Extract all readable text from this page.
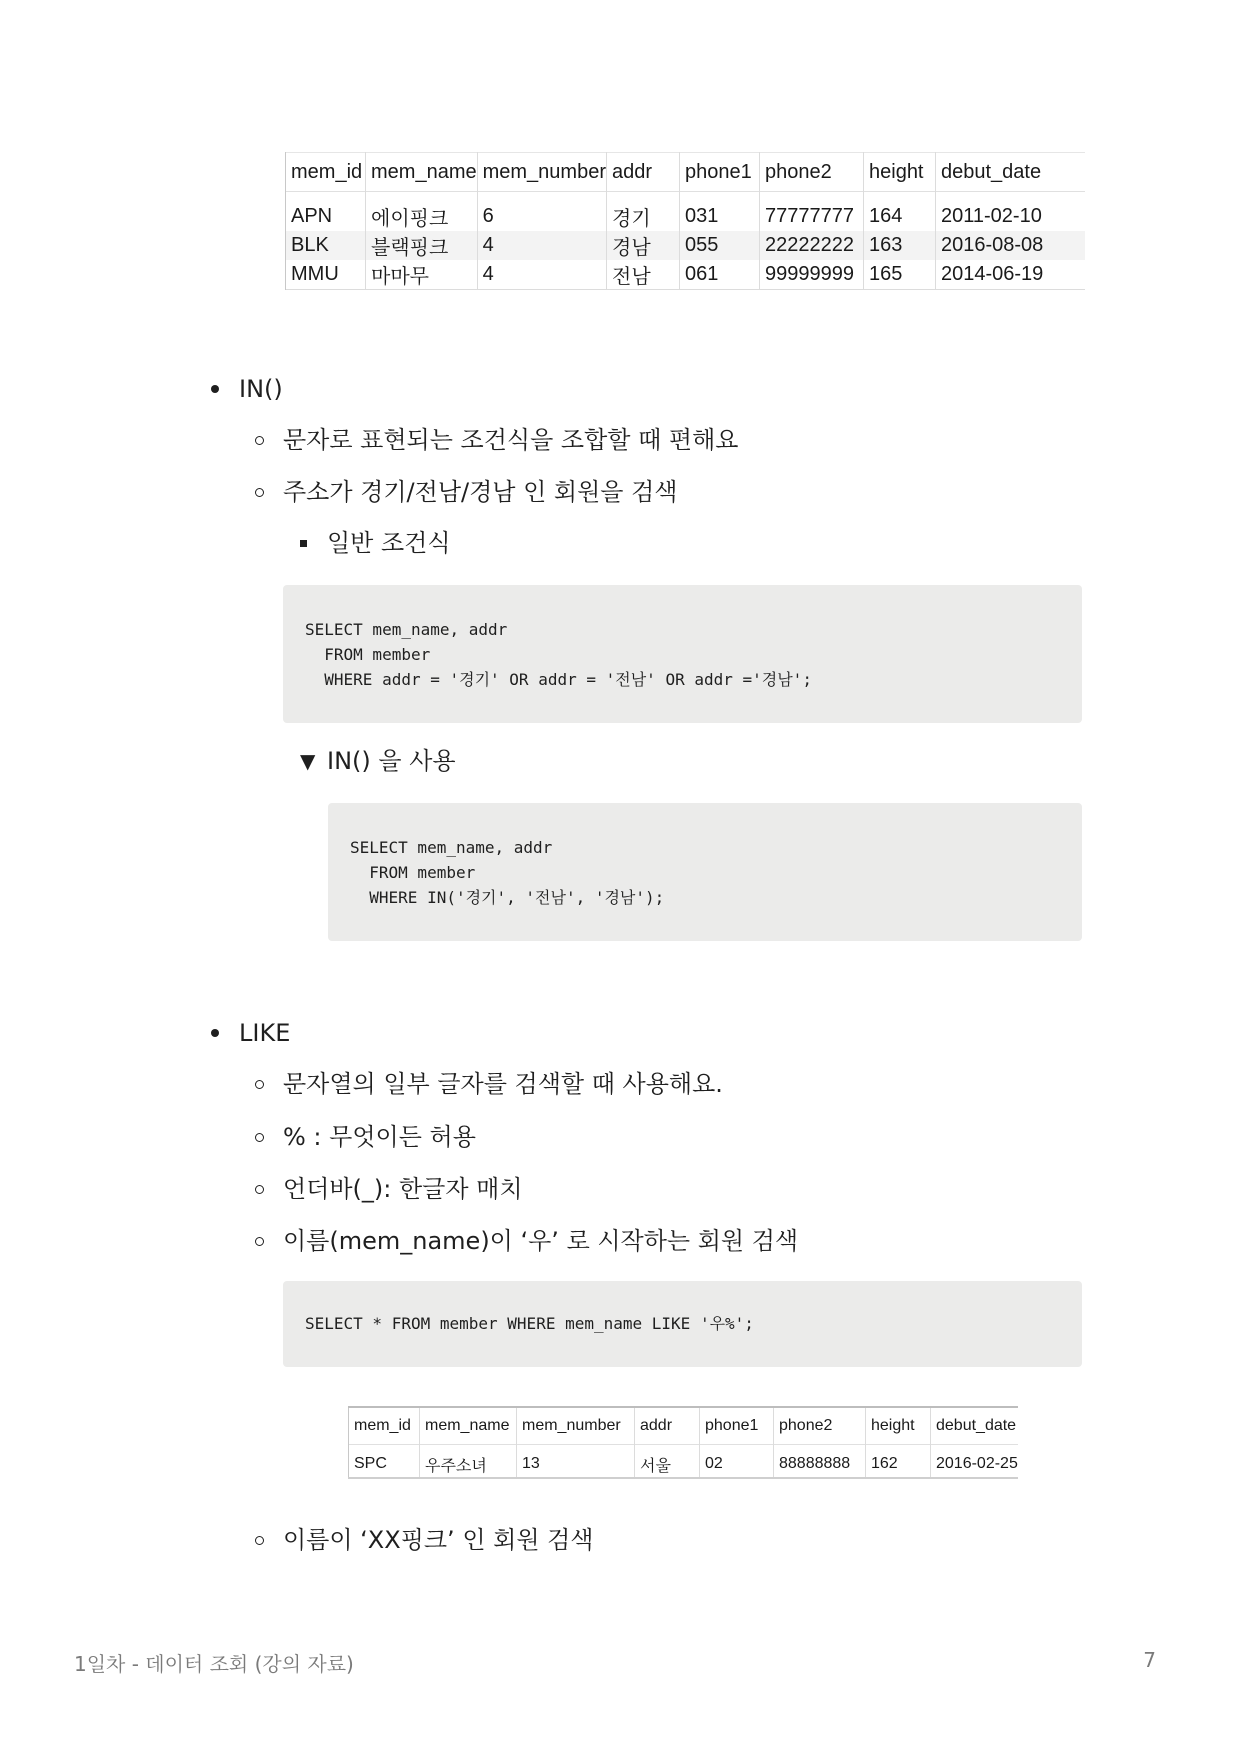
mem_id	mem_name	mem_number	addr	phone1	phone2	height	debut_date

APN	에이핑크	6	경기	031	77777777	164	2011-02-10
BLK	블랙핑크	4	경남	055	22222222	163	2016-08-08
MMU	마마무	4	전남	061	99999999	165	2014-06-19
IN()
문자로 표현되는 조건식을 조합할 때 편해요
주소가 경기/전남/경남 인 회원을 검색
일반 조건식
SELECT mem_name, addr
FROM member
WHERE addr = '경기' OR addr = '전남' OR addr ='경남';
▼ IN() 을 사용
SELECT mem_name, addr
FROM member
WHERE IN('경기', '전남', '경남');
LIKE
문자열의 일부 글자를 검색할 때 사용해요.
% : 무엇이든 허용
언더바(_): 한글자 매치
이름(mem_name)이 ‘우’ 로 시작하는 회원 검색
SELECT * FROM member WHERE mem_name LIKE '우%';
mem_id	mem_name	mem_number	addr	phone1	phone2	height	debut_date

SPC	우주소녀	13	서울	02	88888888	162	2016-02-25
이름이 ‘XX핑크’ 인 회원 검색
1일차 - 데이터 조회 (강의 자료)	7
